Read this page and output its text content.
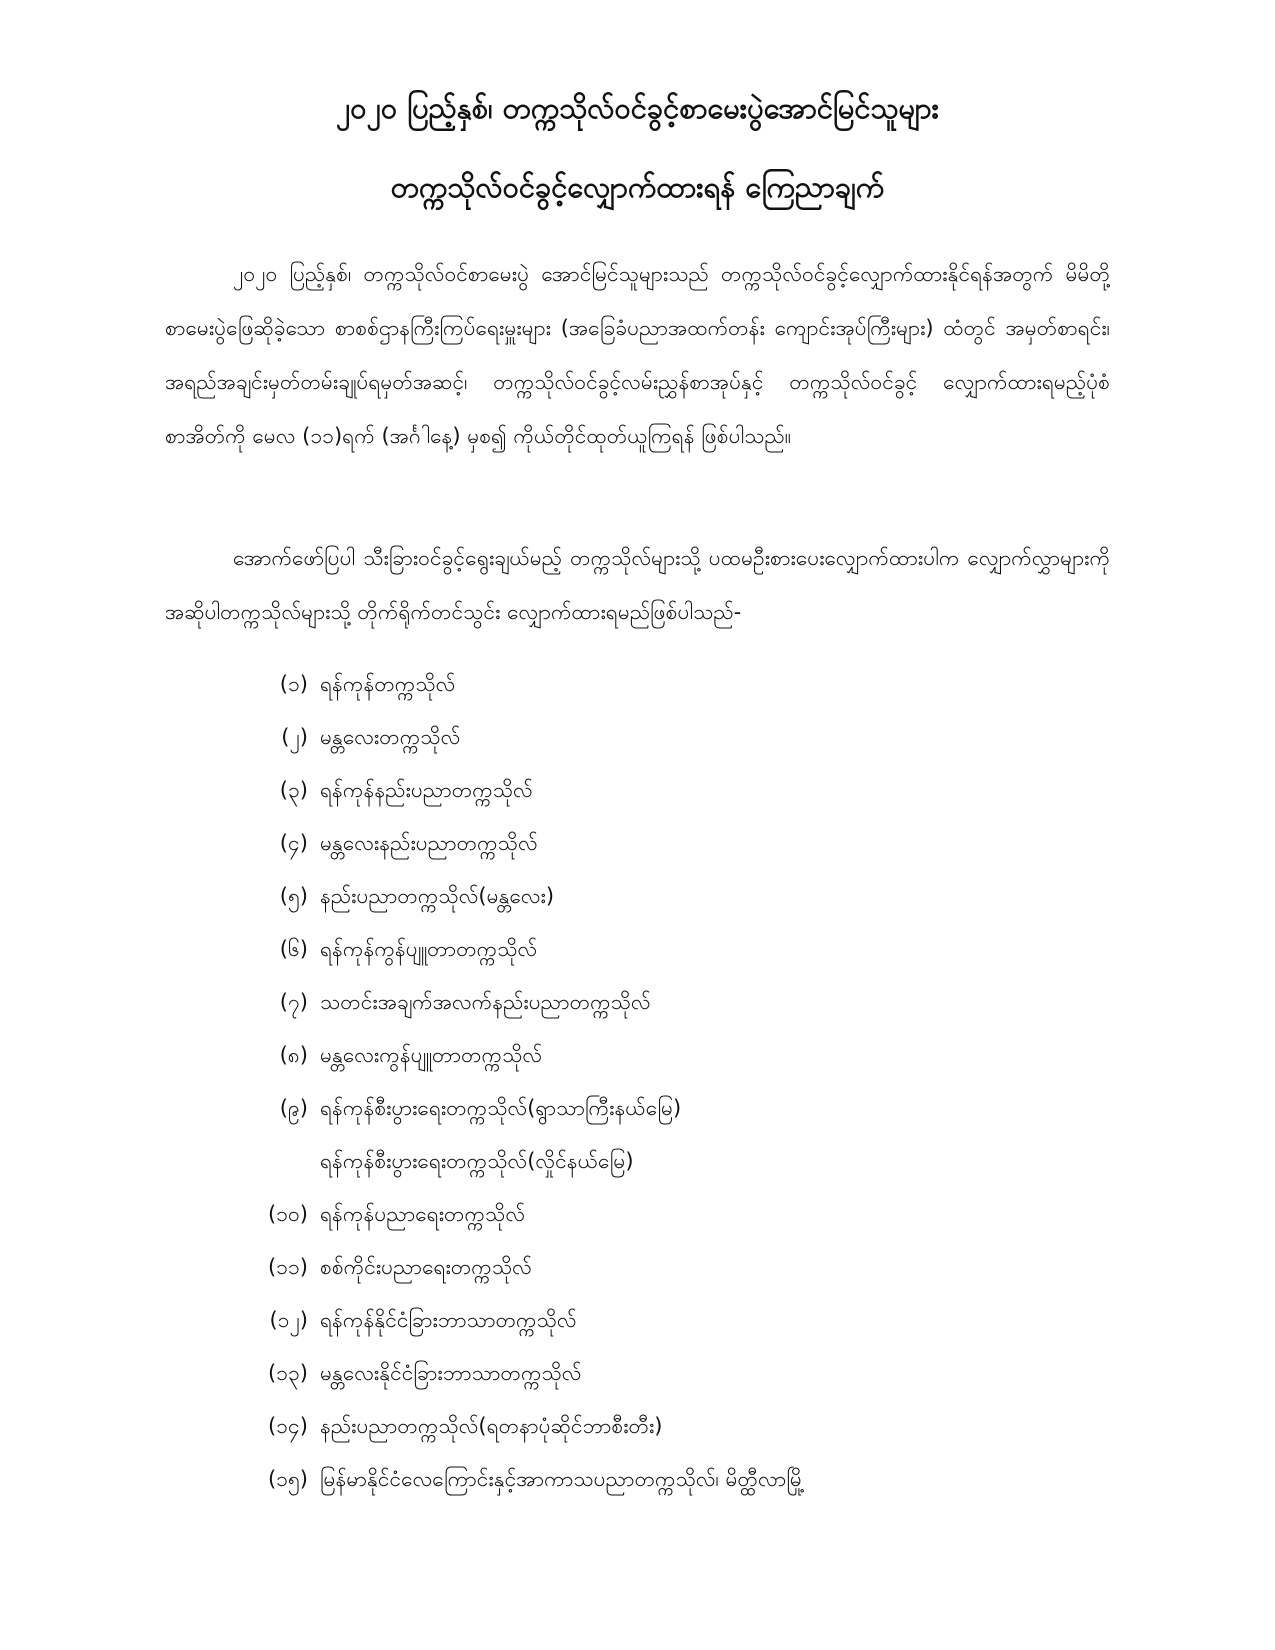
၂၀၂၀ ပြည့်နှစ်၊ တက္ကသိုလ်ဝင်ခွင့်စာမေးပွဲအောင်မြင်သူများ
တက္ကသိုလ်ဝင်ခွင့်လျှောက်ထားရန် ကြေညာချက်
၂၀၂၀ ပြည့်နှစ်၊ တက္ကသိုလ်ဝင်စာမေးပွဲ အောင်မြင်သူများသည် တက္ကသိုလ်ဝင်ခွင့်လျှောက်ထားနိုင်ရန်အတွက် မိမိတို့စာမေးပွဲဖြေဆိုခဲ့သော စာစစ်ဌာနကြီးကြပ်ရေးမှူးများ (အခြေခံပညာအထက်တန်း ကျောင်းအုပ်ကြီးများ) ထံတွင် အမှတ်စာရင်း၊ အရည်အချင်းမှတ်တမ်းချုပ်ရမှတ်အဆင့်၊ တက္ကသိုလ်ဝင်ခွင့်လမ်းညွှန်စာအုပ်နှင့် တက္ကသိုလ်ဝင်ခွင့် လျှောက်ထားရမည့်ပုံစံစာအိတ်ကို မေလ (၁၁)ရက် (အင်္ဂါနေ့) မှစ၍ ကိုယ်တိုင်ထုတ်ယူကြရန် ဖြစ်ပါသည်။
အောက်ဖော်ပြပါ သီးခြားဝင်ခွင့်ရွေးချယ်မည့် တက္ကသိုလ်များသို့ ပထမဦးစားပေးလျှောက်ထားပါက လျှောက်လွှာများကို အဆိုပါတက္ကသိုလ်များသို့ တိုက်ရိုက်တင်သွင်း လျှောက်ထားရမည်ဖြစ်ပါသည်-
(၁) ရန်ကုန်တက္ကသိုလ်
(၂) မန္တလေးတက္ကသိုလ်
(၃) ရန်ကုန်နည်းပညာတက္ကသိုလ်
(၄) မန္တလေးနည်းပညာတက္ကသိုလ်
(၅) နည်းပညာတက္ကသိုလ်(မန္တလေး)
(၆) ရန်ကုန်ကွန်ပျူတာတက္ကသိုလ်
(၇) သတင်းအချက်အလက်နည်းပညာတက္ကသိုလ်
(၈) မန္တလေးကွန်ပျူတာတက္ကသိုလ်
(၉) ရန်ကုန်စီးပွားရေးတက္ကသိုလ်(ရွာသာကြီးနယ်မြေ)
ရန်ကုန်စီးပွားရေးတက္ကသိုလ်(လှိုင်နယ်မြေ)
(၁၀) ရန်ကုန်ပညာရေးတက္ကသိုလ်
(၁၁) စစ်ကိုင်းပညာရေးတက္ကသိုလ်
(၁၂) ရန်ကုန်နိုင်ငံခြားဘာသာတက္ကသိုလ်
(၁၃) မန္တလေးနိုင်ငံခြားဘာသာတက္ကသိုလ်
(၁၄) နည်းပညာတက္ကသိုလ်(ရတနာပုံဆိုင်ဘာစီးတီး)
(၁၅) မြန်မာနိုင်ငံလေကြောင်းနှင့်အာကာသပညာတက္ကသိုလ်၊ မိတ္ထီလာမြို့
